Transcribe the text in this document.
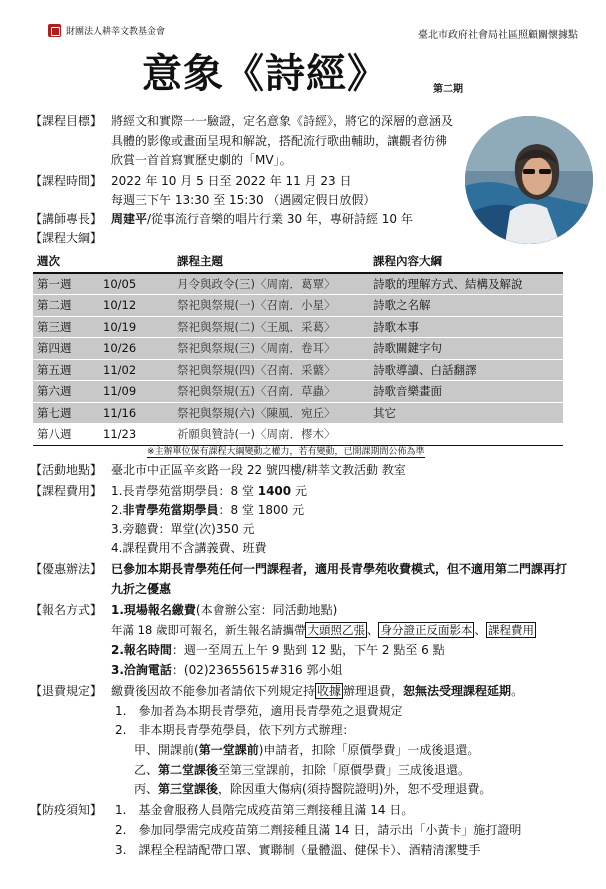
財團法人耕莘文教基金會	臺北市政府社會局社區照顧關懷據點
意象《詩經》	第二期
【課程目標】 將經文和實際一一驗證，定名意象《詩經》，將它的深層的意涵及
具體的影像或畫面呈現和解說，搭配流行歌曲輔助，讓觀者彷彿
欣賞一首首寫實歷史劇的「MV」。
【課程時間】 2022 年 10 月 5 日至 2022 年 11 月 23 日
每週三下午 13:30 至 15:30 （遇國定假日放假）
【講師專長】 周建平/從事流行音樂的唱片行業 30 年，專研詩經 10 年
【課程大綱】
週次		課程主題	課程內容大綱
第一週	10/05	月令與政令(三)〈周南．葛覃〉	詩歌的理解方式、結構及解說
第二週	10/12	祭祀與祭規(一)〈召南．小星〉	詩歌之名解
第三週	10/19	祭祀與祭規(二)〈王風．采葛〉	詩歌本事
第四週	10/26	祭祀與祭規(三)〈周南．卷耳〉	詩歌關鍵字句
第五週	11/02	祭祀與祭規(四)〈召南．采蘩〉	詩歌導讀、白話翻譯
第六週	11/09	祭祀與祭規(五)〈召南．草蟲〉	詩歌音樂畫面
第七週	11/16	祭祀與祭規(六)〈陳風．宛丘〉	其它
第八週	11/23	祈願與贊詩(一)〈周南．樛木〉	
※主辦單位保有課程大綱變動之權力，若有變動，已開課期間公佈為準
【活動地點】 臺北市中正區辛亥路一段 22 號四樓/耕莘文教活動 教室
【課程費用】 1.長青學苑當期學員：8 堂 1400 元
2.非青學苑當期學員：8 堂 1800 元
3.旁聽費：單堂(次)350 元
4.課程費用不含講義費、班費
【優惠辦法】 已參加本期長青學苑任何一門課程者，適用長青學苑收費模式，但不適用第二門課再打
九折之優惠
【報名方式】 1.現場報名繳費(本會辦公室：同活動地點)
年滿 18 歲即可報名，新生報名請攜帶 大頭照乙張 、 身分證正反面影本 、 課程費用
2.報名時間：週一至周五上午 9 點到 12 點，下午 2 點至 6 點
3.洽詢電話：(02)23655615#316 郭小姐
【退費規定】 繳費後因故不能參加者請依下列規定持 收據 辦理退費，恕無法受理課程延期。
1.　參加者為本期長青學苑，適用長青學苑之退費規定
2.　非本期長青學苑學員，依下列方式辦理：
甲、開課前(第一堂課前)申請者，扣除「原價學費」一成後退還。
乙、第二堂課後至第三堂課前，扣除「原價學費」三成後退還。
丙、第三堂課後，除因重大傷病(須持醫院證明)外，恕不受理退費。
【防疫須知】 1.　基金會服務人員階完成疫苗第三劑接種且滿 14 日。
2.　參加同學需完成疫苗第二劑接種且滿 14 日，請示出「小黃卡」施打證明
3.　課程全程請配帶口罩、實聯制（量體溫、健保卡）、酒精清潔雙手
